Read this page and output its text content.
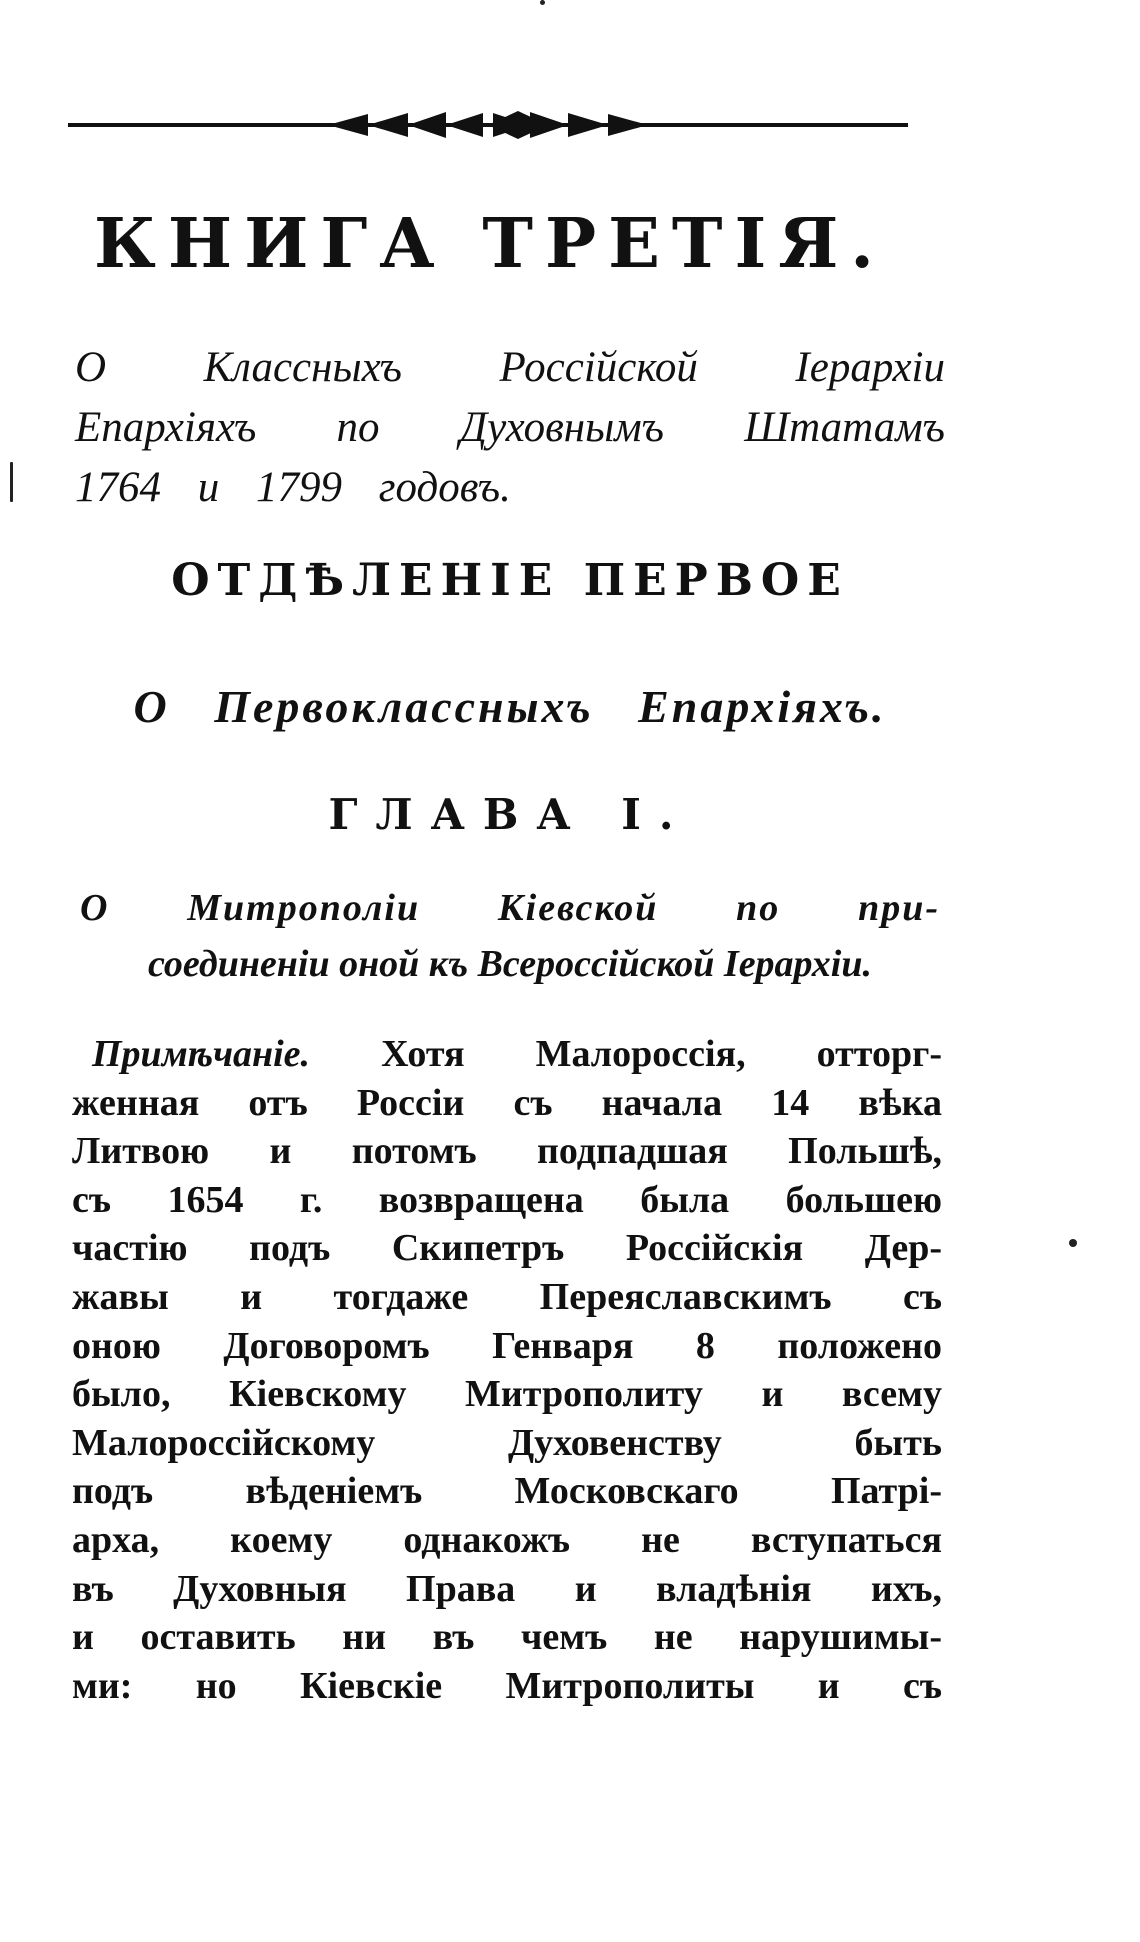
КНИГА ТРЕТІЯ.

О Классныхъ Россійской Іерархіи
Епархіяхъ по Духовнымъ Штатамъ
1764 и 1799 годовъ.

ОТДѢЛЕНІЕ ПЕРВОЕ
О Первоклассныхъ Епархіяхъ.
ГЛАВА I.

О Митрополіи Кіевской по при-
соединеніи оной къ Всероссійской Іерархіи.

Примѣчаніе. Хотя Малороссія, отторг-
женная отъ Россіи съ начала 14 вѣка
Литвою и потомъ подпадшая Польшѣ,
съ 1654 г. возвращена была большею
частію подъ Скипетръ Россійскія Дер-
жавы и тогдаже Переяславскимъ съ
оною Договоромъ Генваря 8 положено
было, Кіевскому Митрополиту и всему
Малороссійскому Духовенству быть
подъ вѣденіемъ Московскаго Патрі-
арха, коему однакожъ не вступаться
въ Духовныя Права и владѣнія ихъ,
и оставить ни въ чемъ не нарушимы-
ми: но Кіевскіе Митрополиты и съ
